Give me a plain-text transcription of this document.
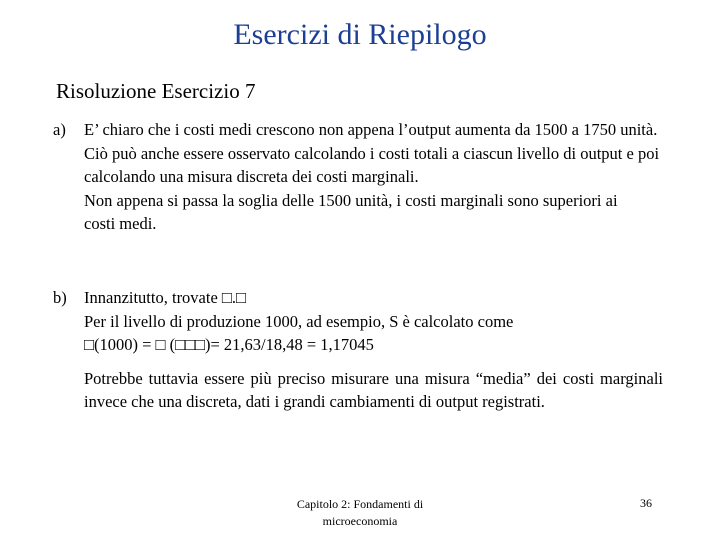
Esercizi di Riepilogo
Risoluzione Esercizio 7
a)	E’ chiaro che i costi medi crescono non appena l’output aumenta da 1500 a 1750 unità.
Ciò può anche essere osservato calcolando i costi totali a ciascun livello di output e poi calcolando una misura discreta dei costi marginali.
Non appena si passa la soglia delle 1500 unità, i costi marginali sono superiori ai costi medi.
b)	Innanzitutto, trovate □.□
Per il livello di produzione 1000, ad esempio, S è calcolato come
□(1000) = □ (□□□)= 21,63/18,48 = 1,17045
Potrebbe tuttavia essere più preciso misurare una misura “media” dei costi marginali invece che una discreta, dati i grandi cambiamenti di output registrati.
Capitolo 2: Fondamenti di microeconomia
36
